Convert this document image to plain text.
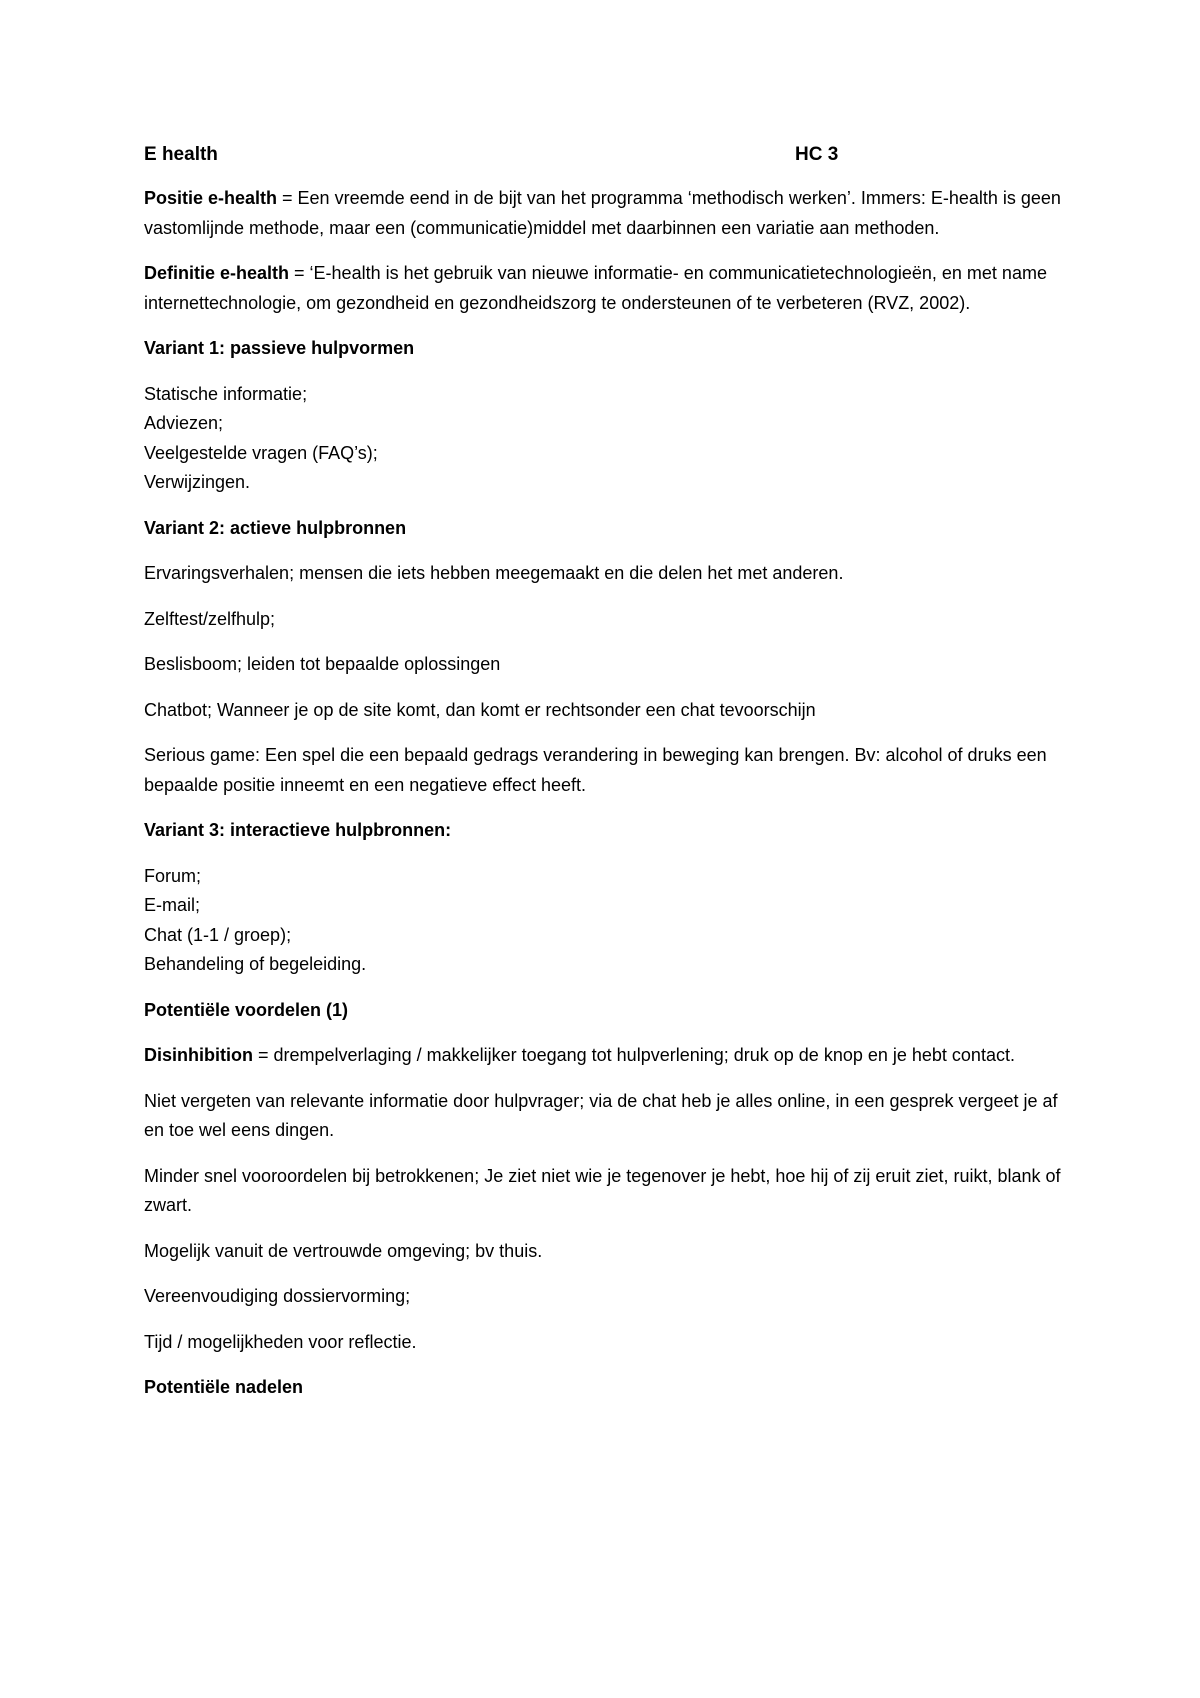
E health	HC 3

Positie e-health = Een vreemde eend in de bijt van het programma ‘methodisch werken’. Immers: E-health is geen vastomlijnde methode, maar een (communicatie)middel met daarbinnen een variatie aan methoden.

Definitie e-health = ‘E-health is het gebruik van nieuwe informatie- en communicatietechnologieën, en met name internettechnologie, om gezondheid en gezondheidszorg te ondersteunen of te verbeteren (RVZ, 2002).

Variant 1: passieve hulpvormen

Statische informatie;
Adviezen;
Veelgestelde vragen (FAQ’s);
Verwijzingen.

Variant 2: actieve hulpbronnen

Ervaringsverhalen; mensen die iets hebben meegemaakt en die delen het met anderen.

Zelftest/zelfhulp;

Beslisboom; leiden tot bepaalde oplossingen

Chatbot; Wanneer je op de site komt, dan komt er rechtsonder een chat tevoorschijn

Serious game: Een spel die een bepaald gedrags verandering in beweging kan brengen. Bv: alcohol of druks een bepaalde positie inneemt en een negatieve effect heeft.

Variant 3: interactieve hulpbronnen:

Forum;
E-mail;
Chat (1-1 / groep);
Behandeling of begeleiding.

Potentiële voordelen (1)

Disinhibition = drempelverlaging / makkelijker toegang tot hulpverlening; druk op de knop en je hebt contact.

Niet vergeten van relevante informatie door hulpvrager; via de chat heb je alles online, in een gesprek vergeet je af en toe wel eens dingen.

Minder snel vooroordelen bij betrokkenen; Je ziet niet wie je tegenover je hebt, hoe hij of zij eruit ziet, ruikt, blank of zwart.

Mogelijk vanuit de vertrouwde omgeving; bv thuis.

Vereenvoudiging dossiervorming;

Tijd / mogelijkheden voor reflectie.

Potentiële nadelen
